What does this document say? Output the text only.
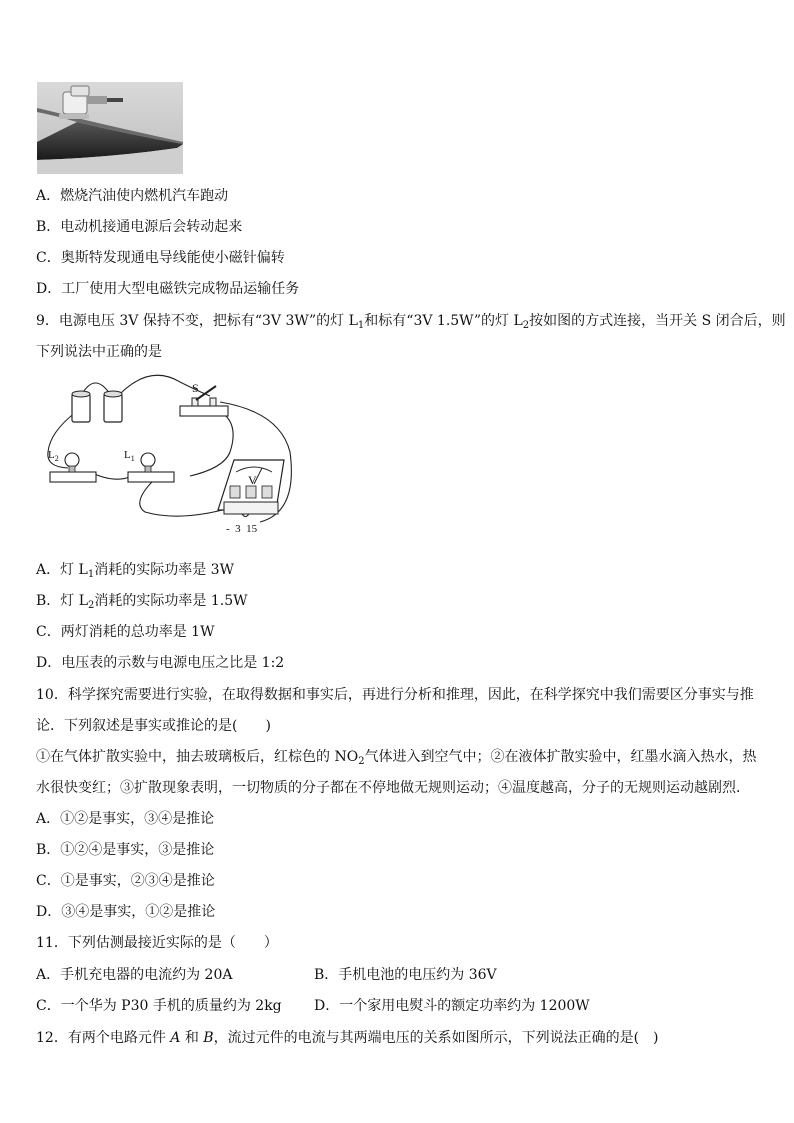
A．燃烧汽油使内燃机汽车跑动
B．电动机接通电源后会转动起来
C．奥斯特发现通电导线能使小磁针偏转
D．工厂使用大型电磁铁完成物品运输任务
9．电源电压 3V 保持不变，把标有“3V 3W”的灯 $L_1$和标有“3V 1.5W”的灯 $L_2$按如图的方式连接，当开关 S 闭合后，则
下列说法中正确的是
S
$L_2$	$L_1$
V
-  3  15
A．灯 $L_1$消耗的实际功率是 3W
B．灯 $L_2$消耗的实际功率是 1.5W
C．两灯消耗的总功率是 1W
D．电压表的示数与电源电压之比是 1:2
10．科学探究需要进行实验，在取得数据和事实后，再进行分析和推理，因此，在科学探究中我们需要区分事实与推
论．下列叙述是事实或推论的是(　　)
①在气体扩散实验中，抽去玻璃板后，红棕色的 $NO_2$气体进入到空气中；②在液体扩散实验中，红墨水滴入热水，热
水很快变红；③扩散现象表明，一切物质的分子都在不停地做无规则运动；④温度越高，分子的无规则运动越剧烈．
A．①②是事实，③④是推论
B．①②④是事实，③是推论
C．①是事实，②③④是推论
D．③④是事实，①②是推论
11．下列估测最接近实际的是（　　）
A．手机充电器的电流约为 20A	B．手机电池的电压约为 36V
C．一个华为 P30 手机的质量约为 2kg D．一个家用电熨斗的额定功率约为 1200W
12．有两个电路元件 A 和 B，流过元件的电流与其两端电压的关系如图所示，下列说法正确的是(　)
